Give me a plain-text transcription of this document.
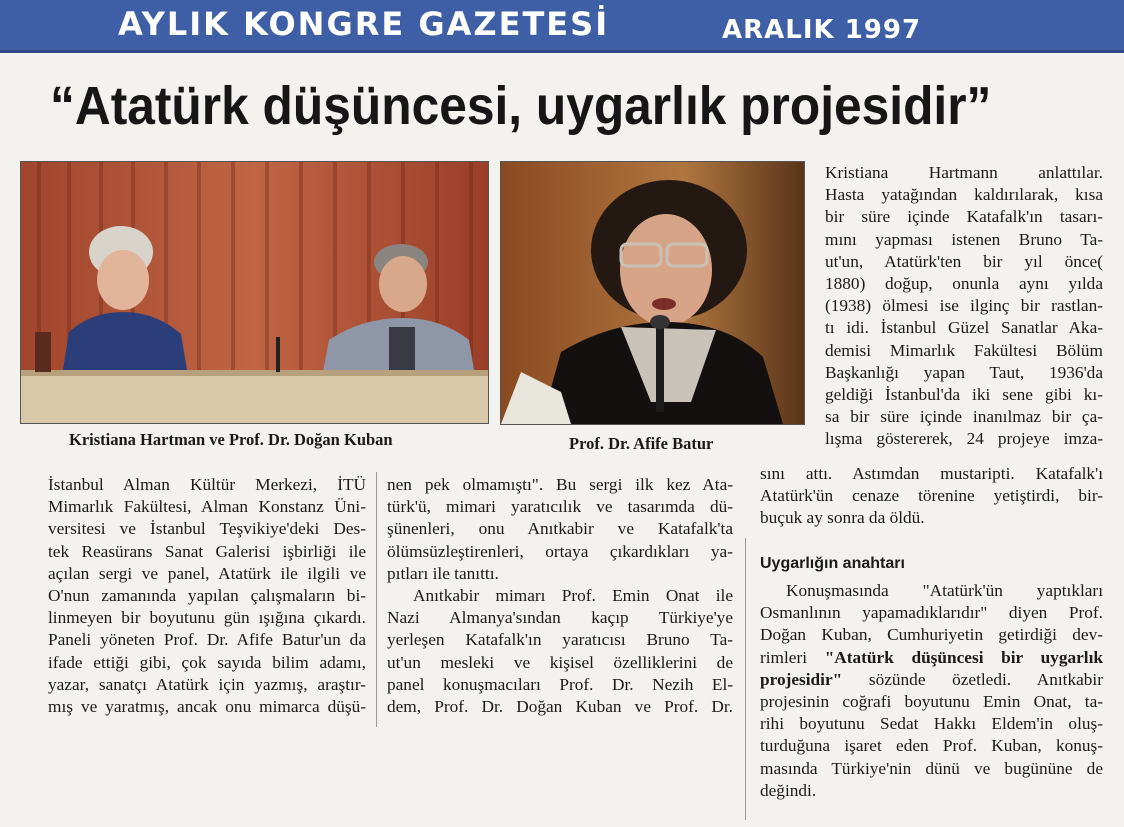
AYLIK KONGRE GAZETESİ	ARALIK 1997
“Atatürk düşüncesi, uygarlık projesidir”
Kristiana Hartman ve Prof. Dr. Doğan Kuban	Prof. Dr. Afife Batur
İstanbul Alman Kültür Merkezi, İTÜ
Mimarlık Fakültesi, Alman Konstanz Üni-
versitesi ve İstanbul Teşvikiye'deki Des-
tek Reasürans Sanat Galerisi işbirliği ile
açılan sergi ve panel, Atatürk ile ilgili ve
O'nun zamanında yapılan çalışmaların bi-
linmeyen bir boyutunu gün ışığına çıkardı.
Paneli yöneten Prof. Dr. Afife Batur'un da
ifade ettiği gibi, çok sayıda bilim adamı,
yazar, sanatçı Atatürk için yazmış, araştır-
mış ve yaratmış, ancak onu mimarca düşü-
nen pek olmamıştı". Bu sergi ilk kez Ata-
türk'ü, mimari yaratıcılık ve tasarımda dü-
şünenleri, onu Anıtkabir ve Katafalk'ta
ölümsüzleştirenleri, ortaya çıkardıkları ya-
pıtları ile tanıttı.
Anıtkabir mimarı Prof. Emin Onat ile
Nazi Almanya'sından kaçıp Türkiye'ye
yerleşen Katafalk'ın yaratıcısı Bruno Ta-
ut'un mesleki ve kişisel özelliklerini de
panel konuşmacıları Prof. Dr. Nezih El-
dem, Prof. Dr. Doğan Kuban ve Prof. Dr.
Kristiana Hartmann anlattılar.
Hasta yatağından kaldırılarak, kısa
bir süre içinde Katafalk'ın tasarı-
mını yapması istenen Bruno Ta-
ut'un, Atatürk'ten bir yıl önce(
1880) doğup, onunla aynı yılda
(1938) ölmesi ise ilginç bir rastlan-
tı idi. İstanbul Güzel Sanatlar Aka-
demisi Mimarlık Fakültesi Bölüm
Başkanlığı yapan Taut, 1936'da
geldiği İstanbul'da iki sene gibi kı-
sa bir süre içinde inanılmaz bir ça-
lışma göstererek, 24 projeye imza-
sını attı. Astımdan mustaripti. Katafalk'ı
Atatürk'ün cenaze törenine yetiştirdi, bir-
buçuk ay sonra da öldü.
Uygarlığın anahtarı
Konuşmasında "Atatürk'ün yaptıkları
Osmanlının yapamadıklarıdır" diyen Prof.
Doğan Kuban, Cumhuriyetin getirdiği dev-
rimleri "Atatürk düşüncesi bir uygarlık
projesidir" sözünde özetledi. Anıtkabir
projesinin coğrafi boyutunu Emin Onat, ta-
rihi boyutunu Sedat Hakkı Eldem'in oluş-
turduğuna işaret eden Prof. Kuban, konuş-
masında Türkiye'nin dünü ve bugününe de
değindi.
